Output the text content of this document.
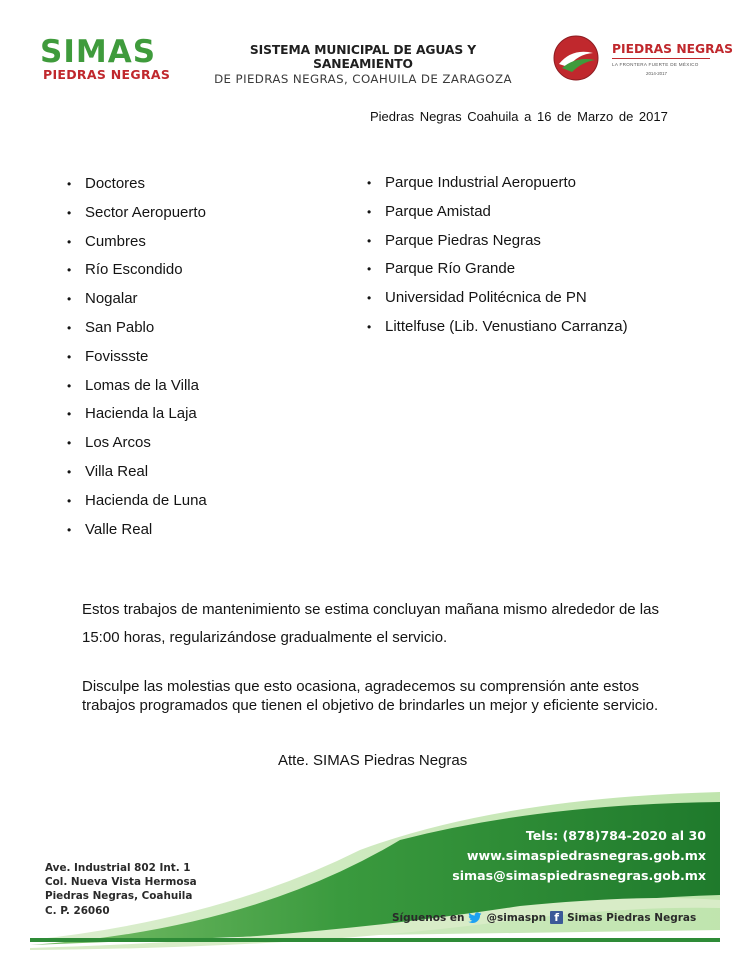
SIMAS
PIEDRAS NEGRAS
SISTEMA MUNICIPAL DE AGUAS Y SANEAMIENTO
DE PIEDRAS NEGRAS, COAHUILA DE ZARAGOZA
PIEDRAS NEGRAS
LA FRONTERA FUERTE DE MÉXICO
2014-2017
Piedras Negras Coahuila a 16 de Marzo de 2017
• Doctores
• Sector Aeropuerto
• Cumbres
• Río Escondido
• Nogalar
• San Pablo
• Fovissste
• Lomas de la Villa
• Hacienda la Laja
• Los Arcos
• Villa Real
• Hacienda de Luna
• Valle Real
• Parque Industrial Aeropuerto
• Parque Amistad
• Parque Piedras Negras
• Parque Río Grande
• Universidad Politécnica de PN
• Littelfuse (Lib. Venustiano Carranza)
Estos trabajos de mantenimiento se estima concluyan mañana mismo alrededor de las 15:00 horas, regularizándose gradualmente el servicio.
Disculpe las molestias que esto ocasiona, agradecemos su comprensión ante estos trabajos programados que tienen el objetivo de brindarles un mejor y eficiente servicio.
Atte. SIMAS Piedras Negras
Ave. Industrial 802 Int. 1
Col. Nueva Vista Hermosa
Piedras Negras, Coahuila
C. P. 26060
Tels: (878)784-2020 al 30
www.simaspiedrasnegras.gob.mx
simas@simaspiedrasnegras.gob.mx
Síguenos en @simaspn f Simas Piedras Negras
